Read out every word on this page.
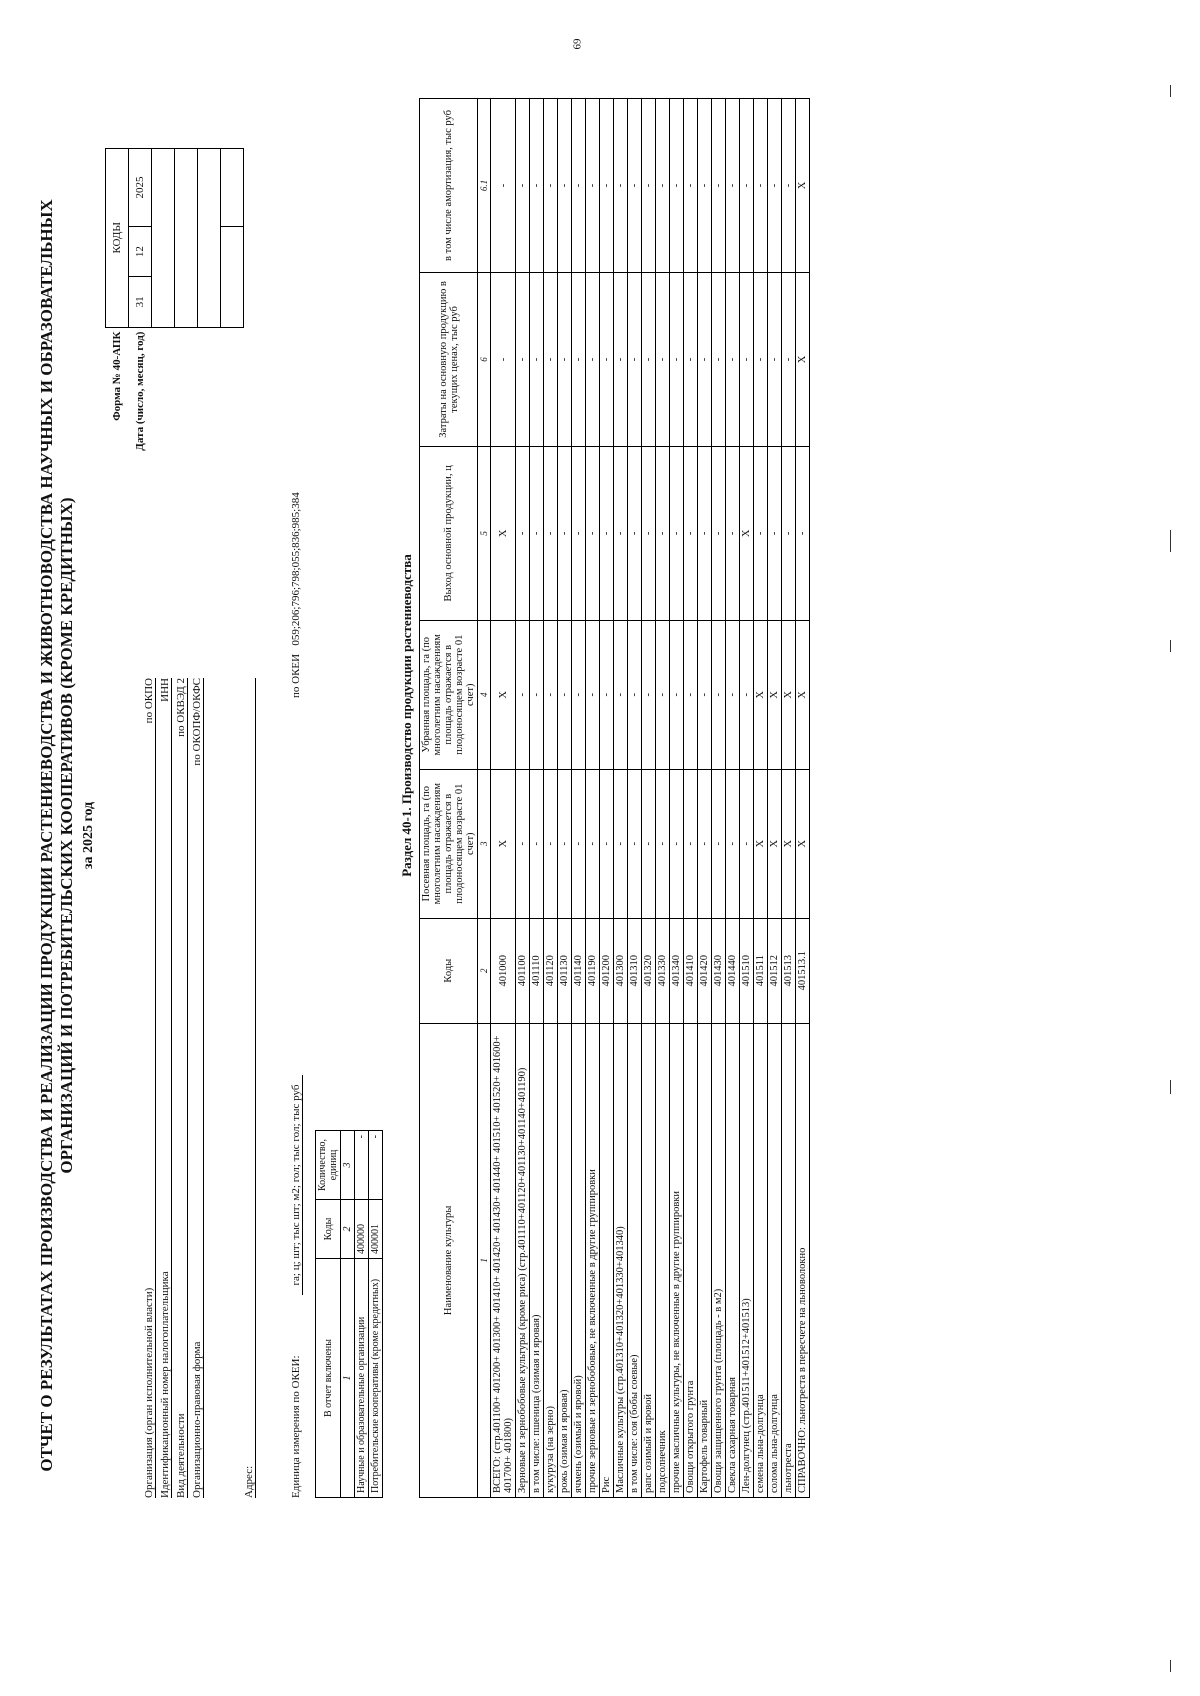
69
ОТЧЕТ О РЕЗУЛЬТАТАХ ПРОИЗВОДСТВА И РЕАЛИЗАЦИИ ПРОДУКЦИИ РАСТЕНИЕВОДСТВА И ЖИВОТНОВОДСТВА НАУЧНЫХ И ОБРАЗОВАТЕЛЬНЫХ ОРГАНИЗАЦИЙ И ПОТРЕБИТЕЛЬСКИХ КООПЕРАТИВОВ (КРОМЕ КРЕДИТНЫХ) за 2025 год
Организация (орган исполнительной власти)
по ОКПО
Идентификационный номер налогоплательщика
ИНН
Вид деятельности
по ОКВЭД 2
Организационно-правовая форма
по ОКОПФ/ОКФС
Адрес:	Единица измерения по ОКЕИ:
га; ц; шт; тыс шт; м2; гол; тыс гол; тыс руб
по ОКЕИ   059;206;796;798;055;836;985;384
Форма № 40-АПК	КОДЫ		
Дата (число, месяц, год)	31	12	2025

В отчет включены	Коды	Количество, единиц
1	2	3
Научные и образовательные организации	400000	-
Потребительские кооперативы (кроме кредитных)	400001	-
Раздел 40-1. Производство продукции растениеводства
Наименование культуры	Коды	Посевная площадь, га (по многолетним насаждениям площадь отражается в плодоносящем возрасте 01 счет)	Убранная площадь, га (по многолетним насаждениям площадь отражается в плодоносящем возрасте 01 счет)	Выход основной продукции, ц	Затраты на основную продукцию в текущих ценах, тыс руб	в том числе амортизация, тыс руб
1	2	3	4	5	6	6.1
ВСЕГО: (стр.401100+ 401200+ 401300+ 401410+ 401420+ 401430+ 401440+ 401510+ 401520+ 401600+ 401700+ 401800)	401000	X	X	X	-	-
Зерновые и зернобобовые культуры (кроме риса) (стр.401110+401120+401130+401140+401190)	401100	-	-	-	-	-
в том числе: пшеница (озимая и яровая)	401110	-	-	-	-	-
кукуруза (на зерно)	401120	-	-	-	-	-
рожь (озимая и яровая)	401130	-	-	-	-	-
ячмень (озимый и яровой)	401140	-	-	-	-	-
прочие зерновые и зернобобовые, не включенные в другие группировки	401190	-	-	-	-	-
Рис	401200	-	-	-	-	-
Масличные культуры (стр.401310+401320+401330+401340)	401300	-	-	-	-	-
в том числе: соя (бобы соевые)	401310	-	-	-	-	-
рапс озимый и яровой	401320	-	-	-	-	-
подсолнечник	401330	-	-	-	-	-
прочие масличные культуры, не включенные в другие группировки	401340	-	-	-	-	-
Овощи открытого грунта	401410	-	-	-	-	-
Картофель товарный	401420	-	-	-	-	-
Овощи защищенного грунта (площадь - в м2)	401430	-	-	-	-	-
Свекла сахарная товарная	401440	-	-	-	-	-
Лен-долгунец (стр.401511+401512+401513)	401510	-	-	X	-	-
семена льна-долгунца	401511	X	X	-	-	-
солома льна-долгунца	401512	X	X	-	-	-
льнотреста	401513	X	X	-	-	-
СПРАВОЧНО: льнотреста в пересчете на льноволокно	401513.1	X	X	-	X	X
